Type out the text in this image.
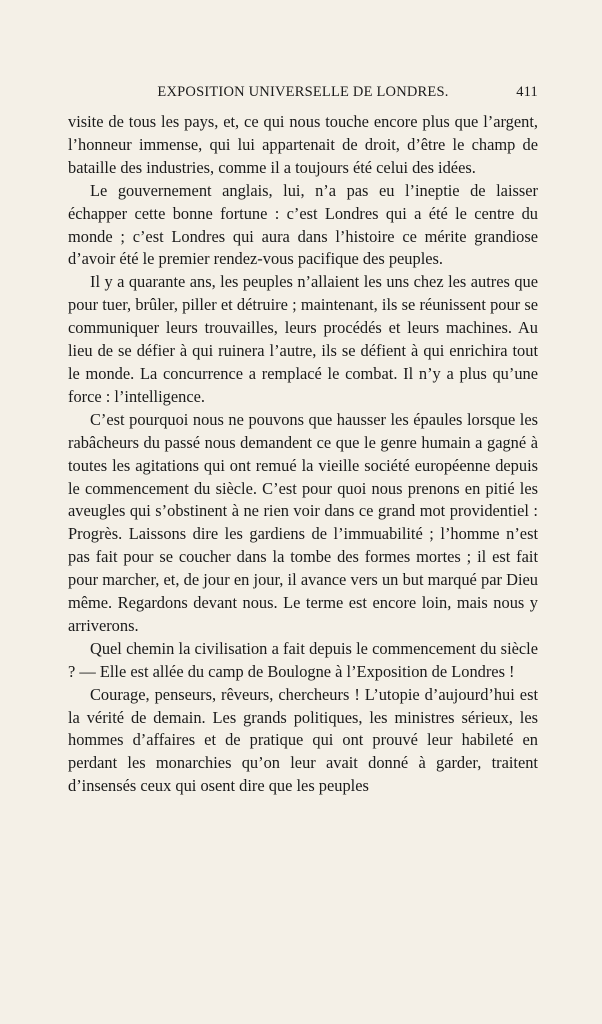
EXPOSITION UNIVERSELLE DE LONDRES.	411

visite de tous les pays, et, ce qui nous touche encore plus que l’argent, l’honneur immense, qui lui appartenait de droit, d’être le champ de bataille des industries, comme il a toujours été celui des idées.

Le gouvernement anglais, lui, n’a pas eu l’ineptie de laisser échapper cette bonne fortune : c’est Londres qui a été le centre du monde ; c’est Londres qui aura dans l’histoire ce mérite grandiose d’avoir été le premier rendez-vous pacifique des peuples.

Il y a quarante ans, les peuples n’allaient les uns chez les autres que pour tuer, brûler, piller et détruire ; maintenant, ils se réunissent pour se communiquer leurs trouvailles, leurs procédés et leurs machines. Au lieu de se défier à qui ruinera l’autre, ils se défient à qui enrichira tout le monde. La concurrence a remplacé le combat. Il n’y a plus qu’une force : l’intelligence.

C’est pourquoi nous ne pouvons que hausser les épaules lorsque les rabâcheurs du passé nous demandent ce que le genre humain a gagné à toutes les agitations qui ont remué la vieille société européenne depuis le commencement du siècle. C’est pour quoi nous prenons en pitié les aveugles qui s’obstinent à ne rien voir dans ce grand mot providentiel : Progrès. Laissons dire les gardiens de l’immuabilité ; l’homme n’est pas fait pour se coucher dans la tombe des formes mortes ; il est fait pour marcher, et, de jour en jour, il avance vers un but marqué par Dieu même. Regardons devant nous. Le terme est encore loin, mais nous y arriverons.

Quel chemin la civilisation a fait depuis le commencement du siècle ? — Elle est allée du camp de Boulogne à l’Exposition de Londres !

Courage, penseurs, rêveurs, chercheurs ! L’utopie d’aujourd’hui est la vérité de demain. Les grands politiques, les ministres sérieux, les hommes d’affaires et de pratique qui ont prouvé leur habileté en perdant les monarchies qu’on leur avait donné à garder, traitent d’insensés ceux qui osent dire que les peuples
